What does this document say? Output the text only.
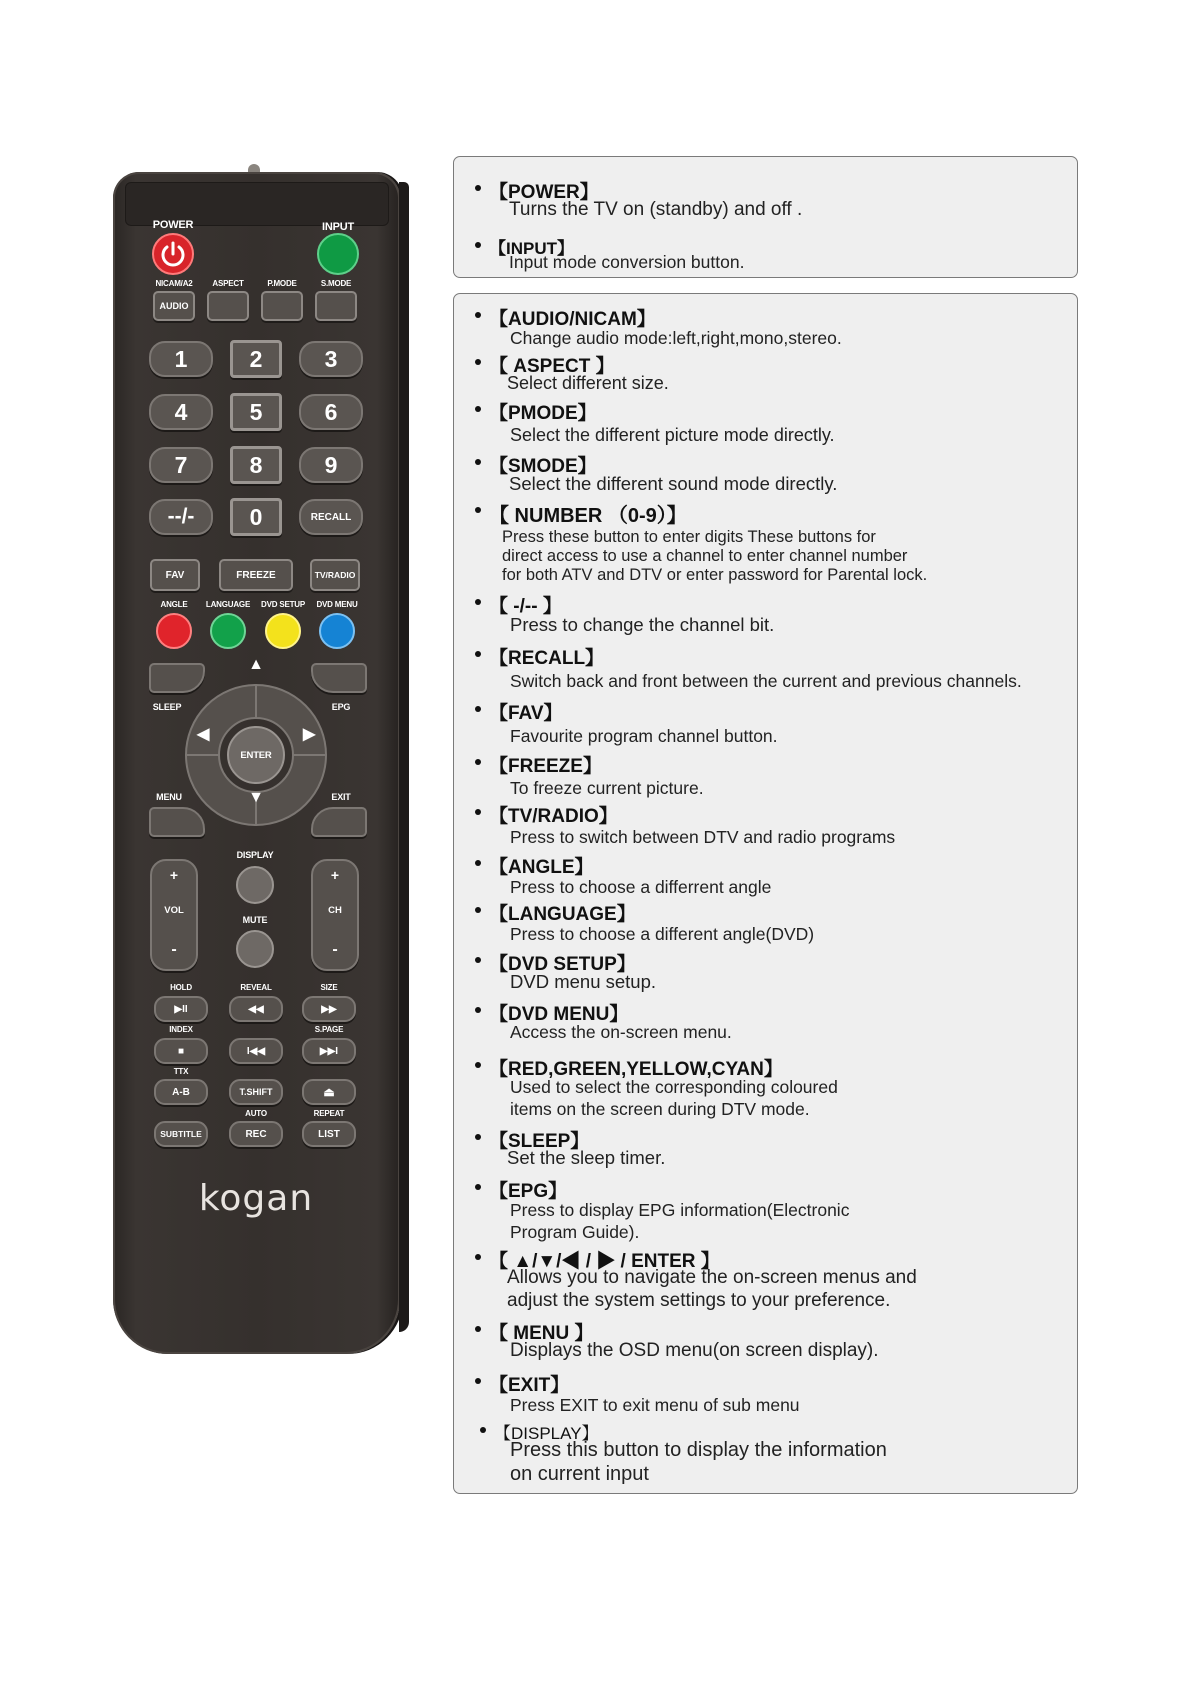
POWER	INPUT
NICAM/A2 ASPECT	P.MODE	S.MODE
AUDIO
1	2	3
4	5	6
7	8	9
--/-	0	RECALL
FAV	FREEZE	TV/RADIO
ANGLE LANGUAGE DVD SETUP DVD MENU
SLEEP	EPG
▲
▼
◀	▶
ENTER
MENU	EXIT
+
VOL
-
+
CH
-
DISPLAY
MUTE
HOLD	REVEAL	SIZE
▶II	◀◀	▶▶
INDEX	S.PAGE
■	I◀◀	▶▶I
TTX
A-B	T.SHIFT	⏏
AUTO	REPEAT
SUBTITLE	REC	LIST
kogan
【POWER】
Turns the TV on (standby) and off .
【INPUT】
Input mode conversion button.
【AUDIO/NICAM】
Change audio mode:left,right,mono,stereo.
【 ASPECT 】
Select different size.
【PMODE】
Select the different picture mode directly.
【SMODE】
Select the different sound mode directly.
【 NUMBER （0-9）】
Press these button to enter digits These buttons for
direct access to use a channel to enter channel number
for both ATV and DTV or enter password for Parental lock.
【 -/-- 】
Press to change the channel bit.
【RECALL】
Switch back and front between the current and previous channels.
【FAV】
Favourite program channel button.
【FREEZE】
To freeze current picture.
【TV/RADIO】
Press to switch between DTV and radio programs
【ANGLE】
Press to choose a differrent angle
【LANGUAGE】
Press to choose a different angle(DVD)
【DVD SETUP】
DVD menu setup.
【DVD MENU】
Access the on-screen menu.
【RED,GREEN,YELLOW,CYAN】
Used to select the corresponding coloured
items on the screen during DTV mode.
【SLEEP】
Set the sleep timer.
【EPG】
Press to display EPG information(Electronic
Program Guide).
【 ▲/▼/◀ / ▶ / ENTER 】
Allows you to navigate the on-screen menus and
adjust the system settings to your preference.
【 MENU 】
Displays the OSD menu(on screen display).
【EXIT】
Press EXIT to exit menu of sub menu
【DISPLAY】
Press this button to display the information
on current input
